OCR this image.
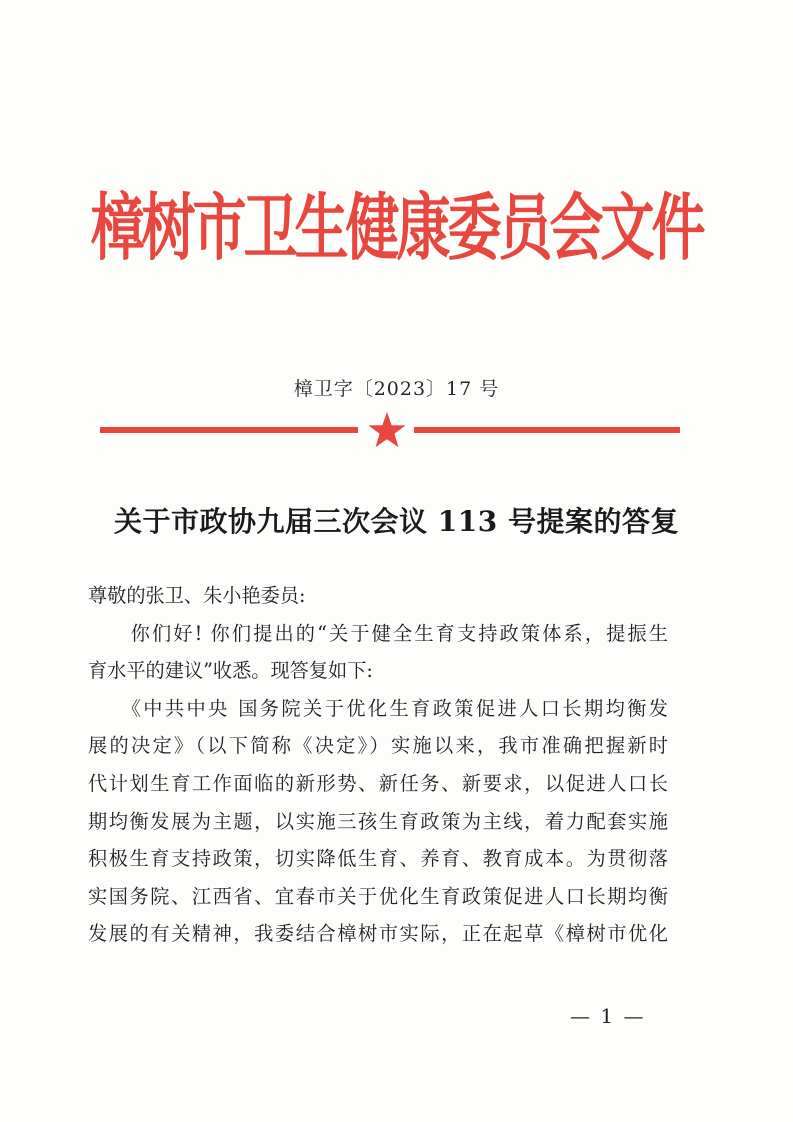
樟树市卫生健康委员会文件
樟卫字〔2023〕17 号
关于市政协九届三次会议 113 号提案的答复
尊敬的张卫、朱小艳委员:
　　你们好! 你们提出的“关于健全生育支持政策体系，提振生
育水平的建议”收悉。现答复如下:
　　《中共中央 国务院关于优化生育政策促进人口长期均衡发
展的决定》（以下简称《决定》）实施以来，我市准确把握新时
代计划生育工作面临的新形势、新任务、新要求，以促进人口长
期均衡发展为主题，以实施三孩生育政策为主线，着力配套实施
积极生育支持政策，切实降低生育、养育、教育成本。为贯彻落
实国务院、江西省、宜春市关于优化生育政策促进人口长期均衡
发展的有关精神，我委结合樟树市实际，正在起草《樟树市优化
— 1 —
